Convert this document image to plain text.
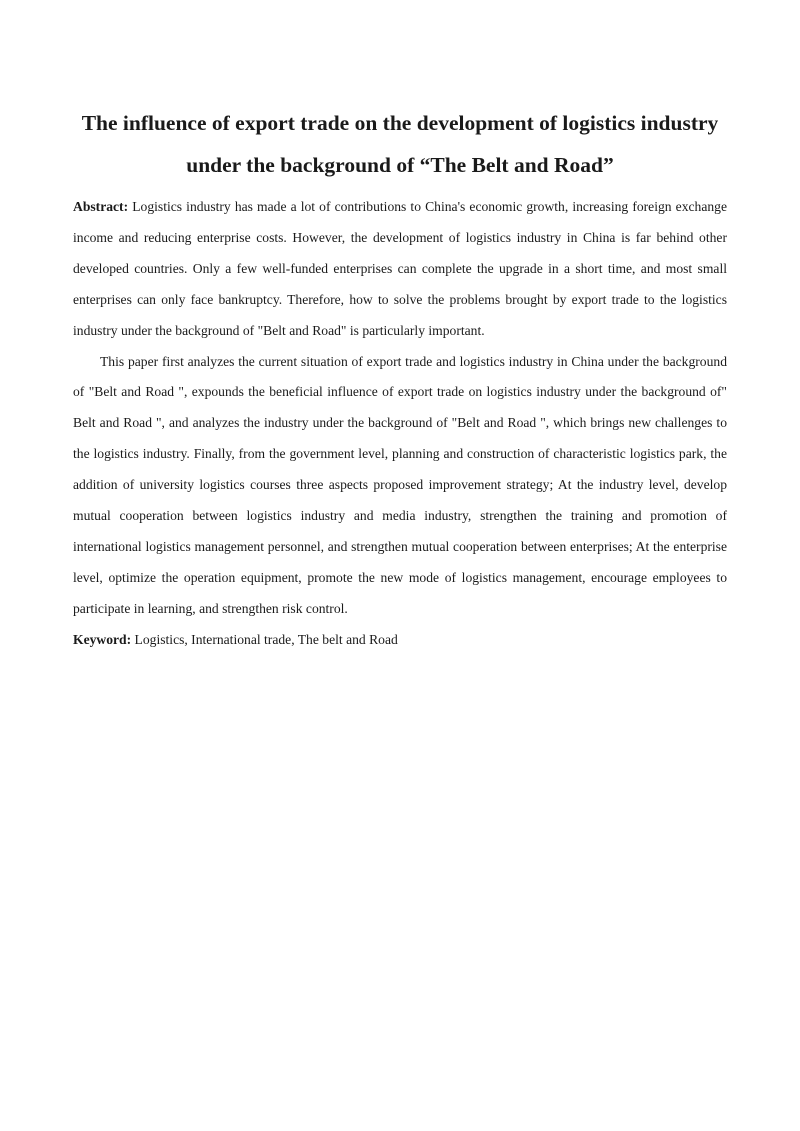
The influence of export trade on the development of logistics industry
under the background of “The Belt and Road”

Abstract: Logistics industry has made a lot of contributions to China's economic growth, increasing foreign exchange income and reducing enterprise costs. However, the development of logistics industry in China is far behind other developed countries. Only a few well-funded enterprises can complete the upgrade in a short time, and most small enterprises can only face bankruptcy. Therefore, how to solve the problems brought by export trade to the logistics industry under the background of "Belt and Road" is particularly important.

This paper first analyzes the current situation of export trade and logistics industry in China under the background of "Belt and Road ", expounds the beneficial influence of export trade on logistics industry under the background of" Belt and Road ", and analyzes the industry under the background of "Belt and Road ", which brings new challenges to the logistics industry. Finally, from the government level, planning and construction of characteristic logistics park, the addition of university logistics courses three aspects proposed improvement strategy; At the industry level, develop mutual cooperation between logistics industry and media industry, strengthen the training and promotion of international logistics management personnel, and strengthen mutual cooperation between enterprises; At the enterprise level, optimize the operation equipment, promote the new mode of logistics management, encourage employees to participate in learning, and strengthen risk control.

Keyword: Logistics, International trade, The belt and Road
